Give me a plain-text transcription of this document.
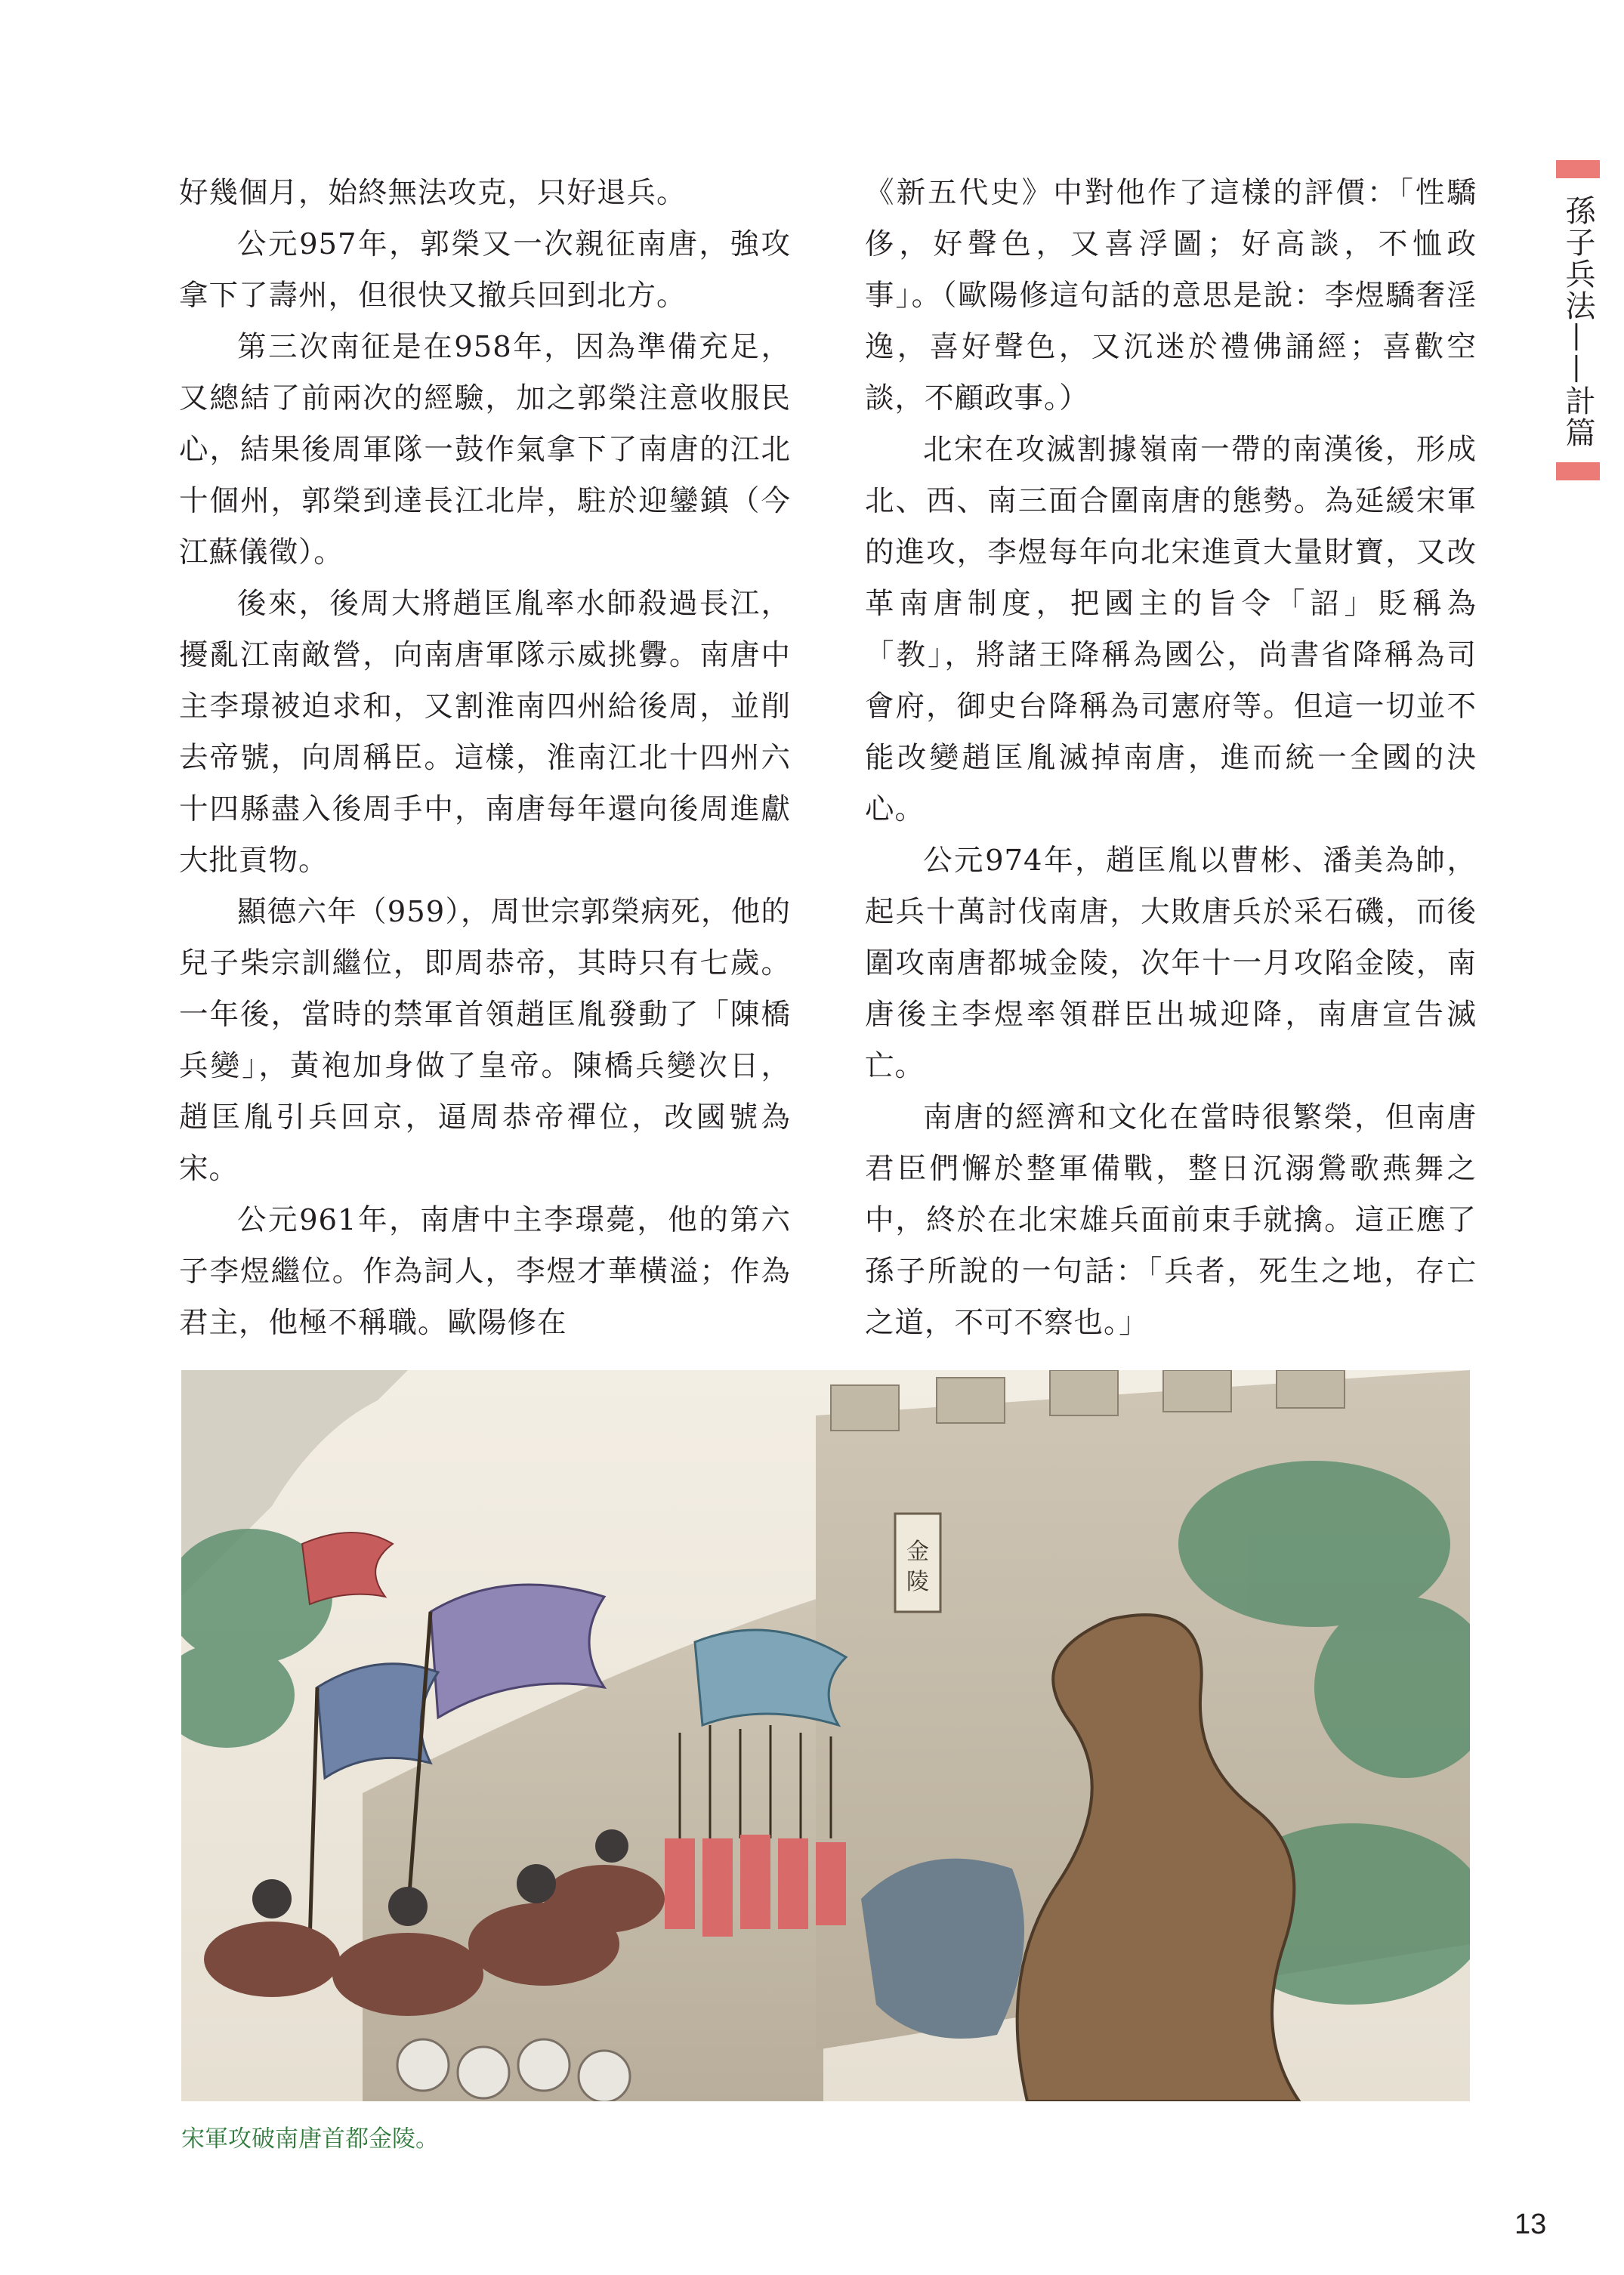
孫子兵法——計篇

好幾個月，始終無法攻克，只好退兵。

公元957年，郭榮又一次親征南唐，強攻拿下了壽州，但很快又撤兵回到北方。

第三次南征是在958年，因為準備充足，又總結了前兩次的經驗，加之郭榮注意收服民心，結果後周軍隊一鼓作氣拿下了南唐的江北十個州，郭榮到達長江北岸，駐於迎鑾鎮（今江蘇儀徵）。

後來，後周大將趙匡胤率水師殺過長江，擾亂江南敵營，向南唐軍隊示威挑釁。南唐中主李璟被迫求和，又割淮南四州給後周，並削去帝號，向周稱臣。這樣，淮南江北十四州六十四縣盡入後周手中，南唐每年還向後周進獻大批貢物。

顯德六年（959），周世宗郭榮病死，他的兒子柴宗訓繼位，即周恭帝，其時只有七歲。一年後，當時的禁軍首領趙匡胤發動了「陳橋兵變」，黃袍加身做了皇帝。陳橋兵變次日，趙匡胤引兵回京，逼周恭帝禪位，改國號為宋。

公元961年，南唐中主李璟薨，他的第六子李煜繼位。作為詞人，李煜才華橫溢；作為君主，他極不稱職。歐陽修在

《新五代史》中對他作了這樣的評價：「性驕侈，好聲色，又喜浮圖；好高談，不恤政事」。（歐陽修這句話的意思是說：李煜驕奢淫逸，喜好聲色，又沉迷於禮佛誦經；喜歡空談，不顧政事。）

北宋在攻滅割據嶺南一帶的南漢後，形成北、西、南三面合圍南唐的態勢。為延緩宋軍的進攻，李煜每年向北宋進貢大量財寶，又改革南唐制度，把國主的旨令「詔」貶稱為「教」，將諸王降稱為國公，尚書省降稱為司會府，御史台降稱為司憲府等。但這一切並不能改變趙匡胤滅掉南唐，進而統一全國的決心。

公元974年，趙匡胤以曹彬、潘美為帥，起兵十萬討伐南唐，大敗唐兵於采石磯，而後圍攻南唐都城金陵，次年十一月攻陷金陵，南唐後主李煜率領群臣出城迎降，南唐宣告滅亡。

南唐的經濟和文化在當時很繁榮，但南唐君臣們懈於整軍備戰，整日沉溺鶯歌燕舞之中，終於在北宋雄兵面前束手就擒。這正應了孫子所說的一句話：「兵者，死生之地，存亡之道，不可不察也。」

金
陵
宋軍攻破南唐首都金陵。
13
